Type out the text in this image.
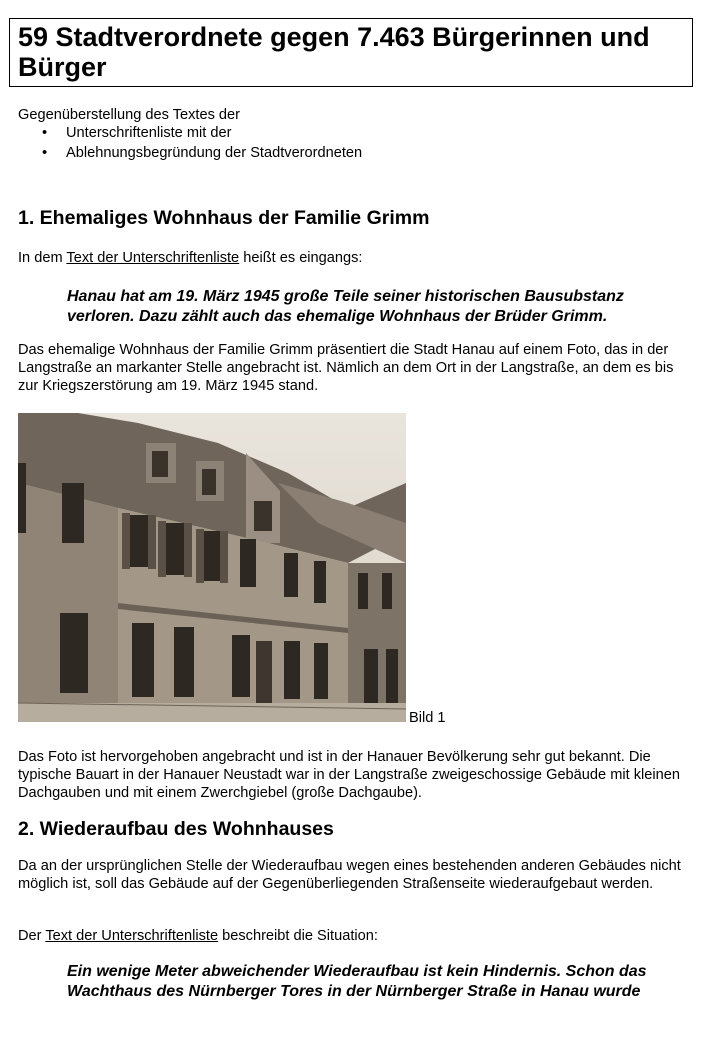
59 Stadtverordnete gegen 7.463 Bürgerinnen und Bürger

Gegenüberstellung des Textes der

• Unterschriftenliste mit der
• Ablehnungsbegründung der Stadtverordneten
1. Ehemaliges Wohnhaus der Familie Grimm

In dem Text der Unterschriftenliste heißt es eingangs:

Hanau hat am 19. März 1945 große Teile seiner historischen Bausubstanz verloren. Dazu zählt auch das ehemalige Wohnhaus der Brüder Grimm.

Das ehemalige Wohnhaus der Familie Grimm präsentiert die Stadt Hanau auf einem Foto, das in der Langstraße an markanter Stelle angebracht ist. Nämlich an dem Ort in der Langstraße, an dem es bis zur Kriegszerstörung am 19. März 1945 stand.

Bild 1

Das Foto ist hervorgehoben angebracht und ist in der Hanauer Bevölkerung sehr gut bekannt. Die typische Bauart in der Hanauer Neustadt war in der Langstraße zweigeschossige Gebäude mit kleinen Dachgauben und mit einem Zwerchgiebel (große Dachgaube).

2. Wiederaufbau des Wohnhauses

Da an der ursprünglichen Stelle der Wiederaufbau wegen eines bestehenden anderen Gebäudes nicht möglich ist, soll das Gebäude auf der Gegenüberliegenden Straßenseite wiederaufgebaut werden.

Der Text der Unterschriftenliste beschreibt die Situation:

Ein wenige Meter abweichender Wiederaufbau ist kein Hindernis. Schon das Wachthaus des Nürnberger Tores in der Nürnberger Straße in Hanau wurde
